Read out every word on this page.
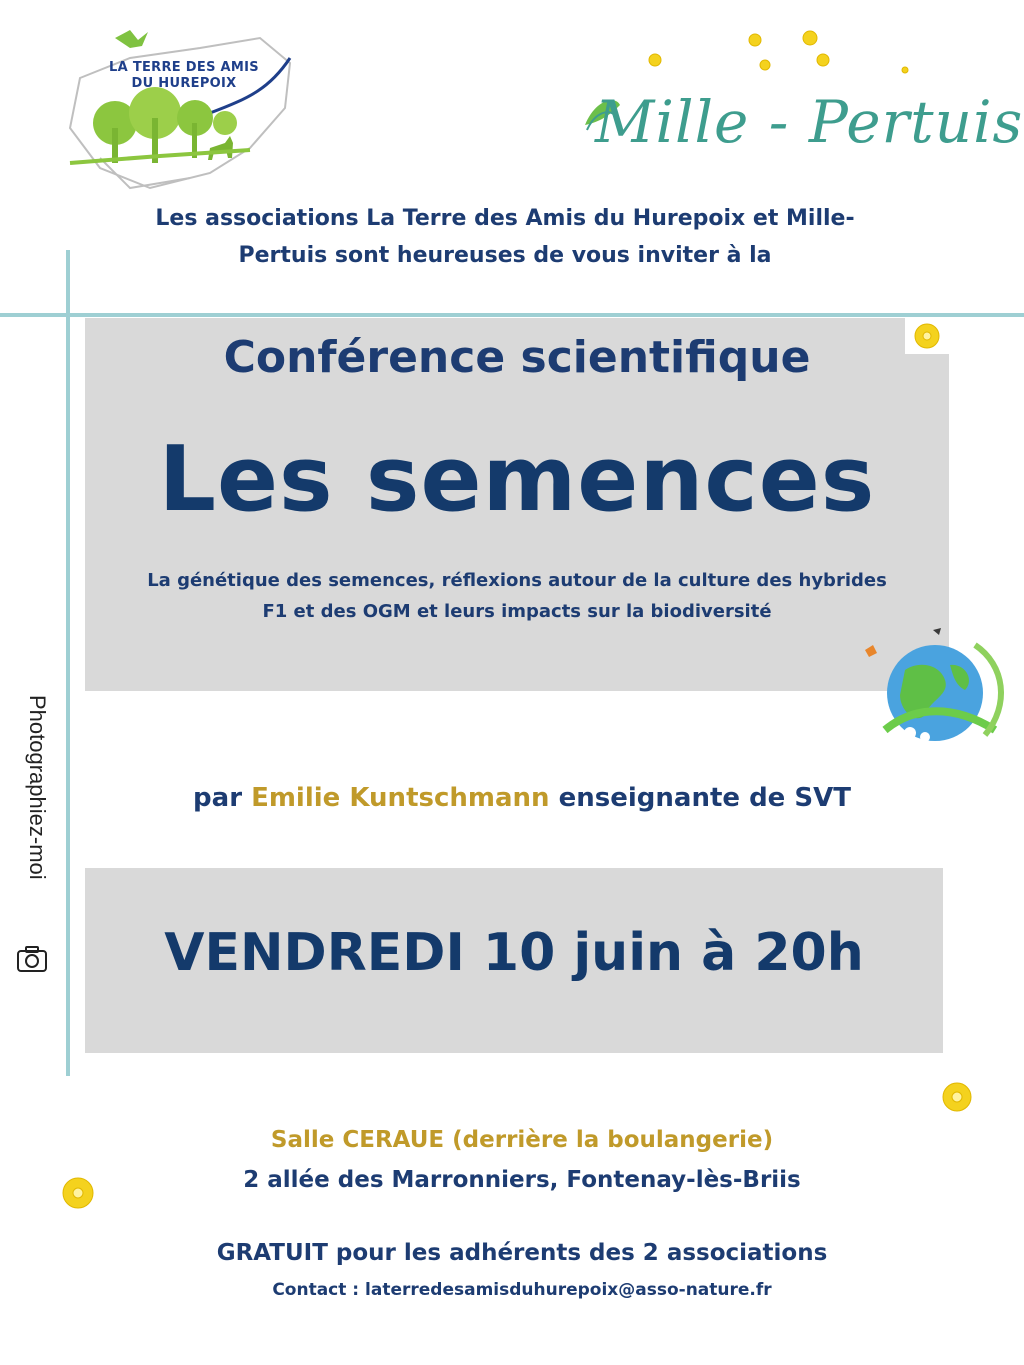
LA TERRE DES AMIS DU HUREPOIX
Mille - Pertuis
Les associations La Terre des Amis du Hurepoix et Mille-
Pertuis sont heureuses de vous inviter à la
Conférence scientifique
Les semences
La génétique des semences, réflexions autour de la culture des hybrides
F1 et des OGM et leurs impacts sur la biodiversité
par Emilie Kuntschmann enseignante de SVT
VENDREDI 10 juin à 20h
Photographiez-moi
Salle CERAUE (derrière la boulangerie)
2 allée des Marronniers, Fontenay-lès-Briis
GRATUIT pour les adhérents des 2 associations
Contact : laterredesamisduhurepoix@asso-nature.fr
